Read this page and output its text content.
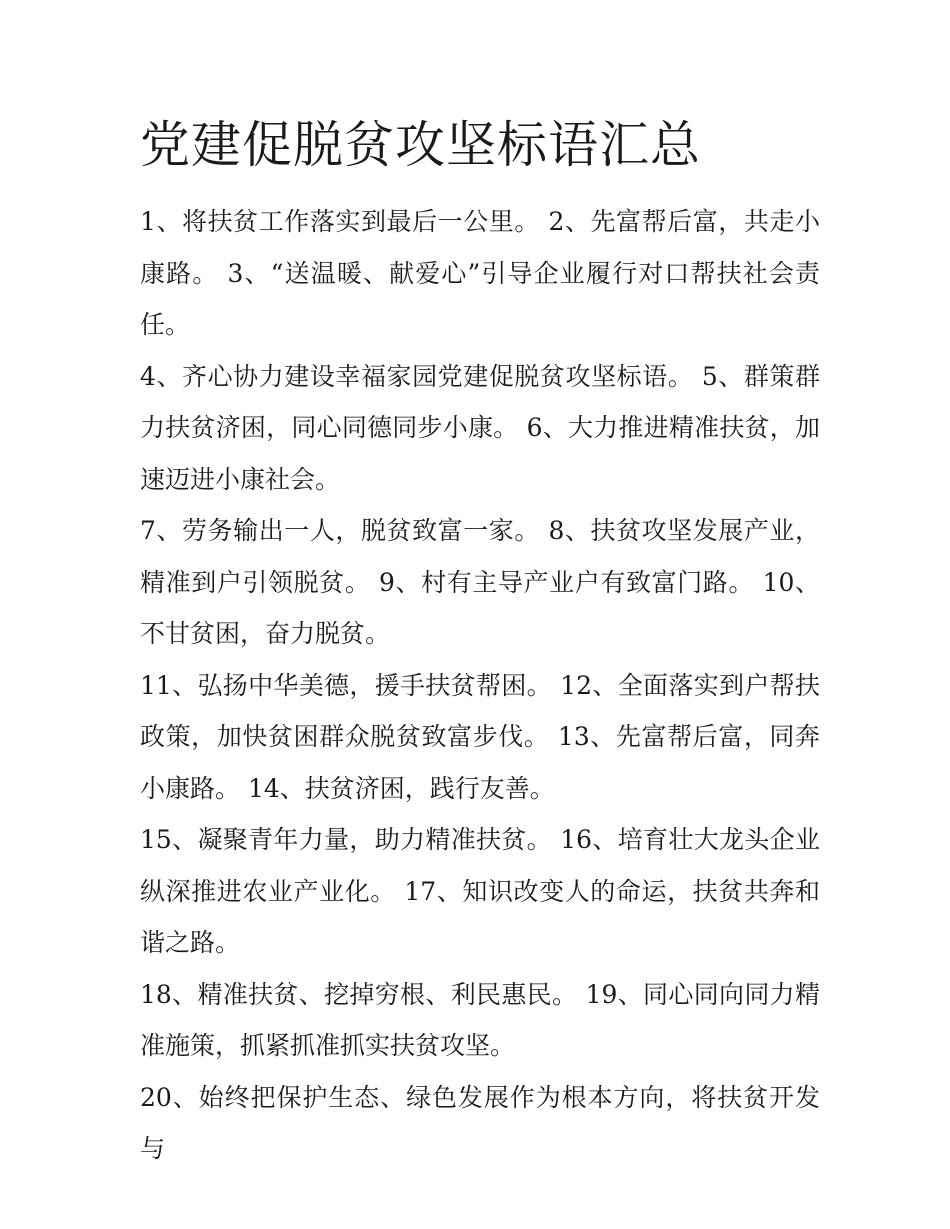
党建促脱贫攻坚标语汇总

1、将扶贫工作落实到最后一公里。 2、先富帮后富，共走小康路。 3、“送温暖、献爱心”引导企业履行对口帮扶社会责任。

4、齐心协力建设幸福家园党建促脱贫攻坚标语。 5、群策群力扶贫济困，同心同德同步小康。 6、大力推进精准扶贫，加速迈进小康社会。

7、劳务输出一人，脱贫致富一家。 8、扶贫攻坚发展产业，精准到户引领脱贫。 9、村有主导产业户有致富门路。 10、不甘贫困，奋力脱贫。

11、弘扬中华美德，援手扶贫帮困。 12、全面落实到户帮扶政策，加快贫困群众脱贫致富步伐。 13、先富帮后富，同奔小康路。 14、扶贫济困，践行友善。

15、凝聚青年力量，助力精准扶贫。 16、培育壮大龙头企业纵深推进农业产业化。 17、知识改变人的命运，扶贫共奔和谐之路。

18、精准扶贫、挖掉穷根、利民惠民。 19、同心同向同力精准施策，抓紧抓准抓实扶贫攻坚。

20、始终把保护生态、绿色发展作为根本方向，将扶贫开发与
